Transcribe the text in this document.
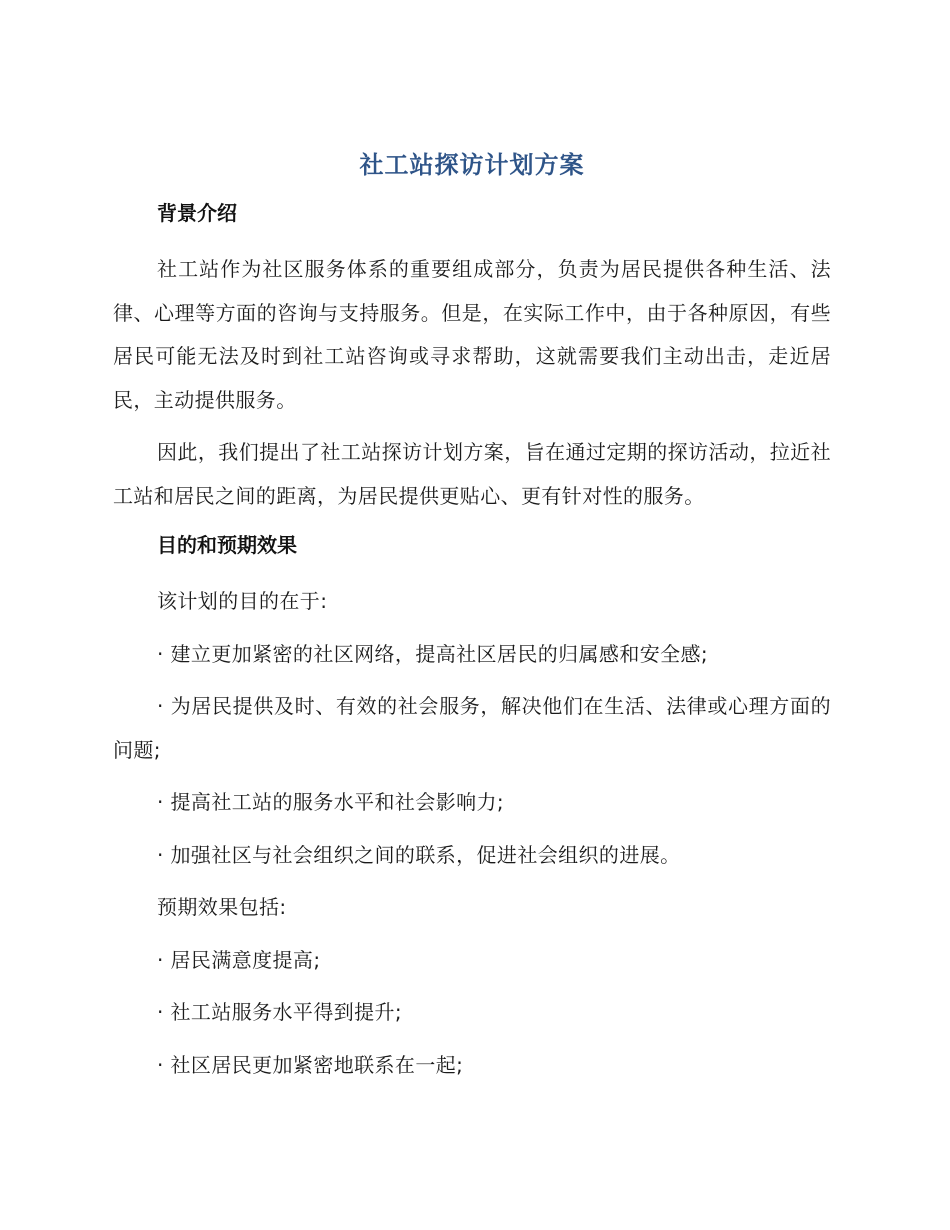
社工站探访计划方案
背景介绍

社工站作为社区服务体系的重要组成部分，负责为居民提供各种生活、法律、心理等方面的咨询与支持服务。但是，在实际工作中，由于各种原因，有些居民可能无法及时到社工站咨询或寻求帮助，这就需要我们主动出击，走近居民，主动提供服务。

因此，我们提出了社工站探访计划方案，旨在通过定期的探访活动，拉近社工站和居民之间的距离，为居民提供更贴心、更有针对性的服务。

目的和预期效果

该计划的目的在于:

· 建立更加紧密的社区网络，提高社区居民的归属感和安全感;

· 为居民提供及时、有效的社会服务，解决他们在生活、法律或心理方面的问题;

· 提高社工站的服务水平和社会影响力;

· 加强社区与社会组织之间的联系，促进社会组织的进展。

预期效果包括:

· 居民满意度提高;

· 社工站服务水平得到提升;

· 社区居民更加紧密地联系在一起;
